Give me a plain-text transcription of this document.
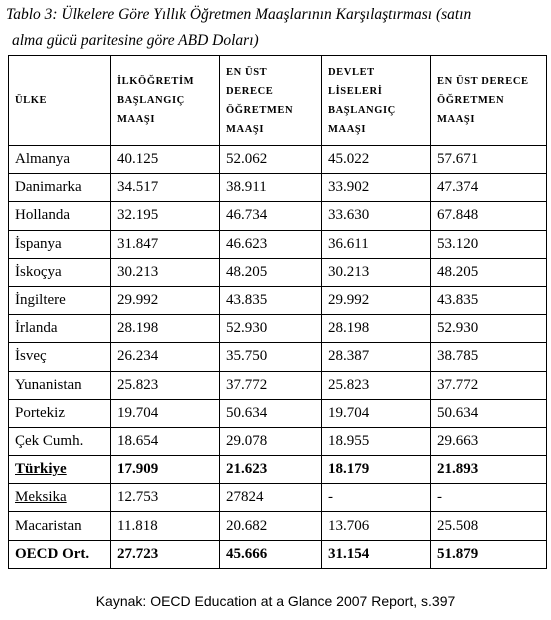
Tablo 3: Ülkelere Göre Yıllık Öğretmen Maaşlarının Karşılaştırması (satın
alma gücü paritesine göre ABD Doları)
ÜLKE	İLKÖĞRETİM BAŞLANGIÇ MAAŞI	EN ÜST DERECE ÖĞRETMEN MAAŞI	DEVLET LİSELERİ BAŞLANGIÇ MAAŞI	EN ÜST DERECE ÖĞRETMEN MAAŞI
Almanya	40.125	52.062	45.022	57.671
Danimarka	34.517	38.911	33.902	47.374
Hollanda	32.195	46.734	33.630	67.848
İspanya	31.847	46.623	36.611	53.120
İskoçya	30.213	48.205	30.213	48.205
İngiltere	29.992	43.835	29.992	43.835
İrlanda	28.198	52.930	28.198	52.930
İsveç	26.234	35.750	28.387	38.785
Yunanistan	25.823	37.772	25.823	37.772
Portekiz	19.704	50.634	19.704	50.634
Çek Cumh.	18.654	29.078	18.955	29.663
Türkiye	17.909	21.623	18.179	21.893
Meksika	12.753	27824	-	-
Macaristan	11.818	20.682	13.706	25.508
OECD Ort.	27.723	45.666	31.154	51.879
Kaynak: OECD Education at a Glance 2007 Report, s.397
